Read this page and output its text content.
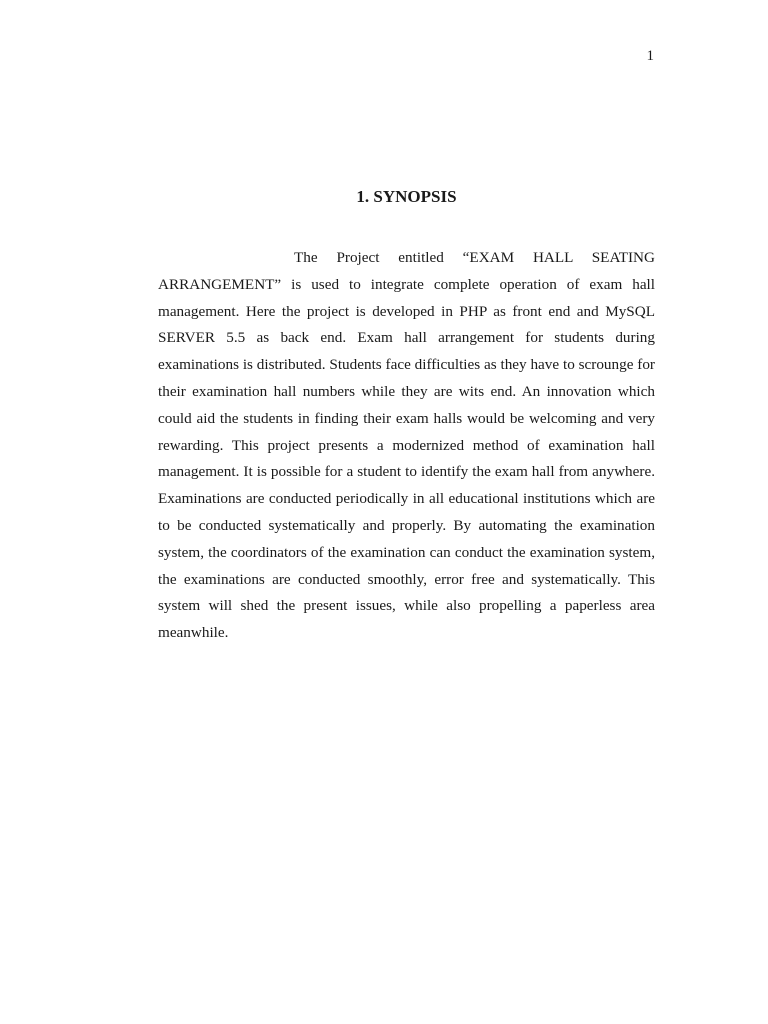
1
1. SYNOPSIS

The Project entitled “EXAM HALL SEATING ARRANGEMENT” is used to integrate complete operation of exam hall management. Here the project is developed in PHP as front end and MySQL SERVER 5.5 as back end. Exam hall arrangement for students during examinations is distributed. Students face difficulties as they have to scrounge for their examination hall numbers while they are wits end. An innovation which could aid the students in finding their exam halls would be welcoming and very rewarding. This project presents a modernized method of examination hall management. It is possible for a student to identify the exam hall from anywhere. Examinations are conducted periodically in all educational institutions which are to be conducted systematically and properly. By automating the examination system, the coordinators of the examination can conduct the examination system, the examinations are conducted smoothly, error free and systematically. This system will shed the present issues, while also propelling a paperless area meanwhile.
